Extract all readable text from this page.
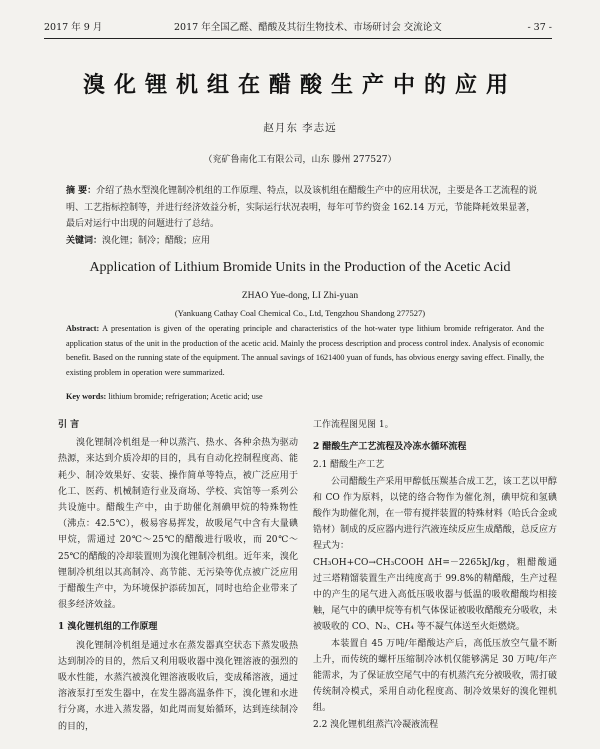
2017 年 9 月	2017 年全国乙醛、醋酸及其衍生物技术、市场研讨会 交流论文	- 37 -
溴化锂机组在醋酸生产中的应用
赵月东 李志远
（兖矿鲁南化工有限公司，山东 滕州 277527）
摘 要：介绍了热水型溴化锂制冷机组的工作原理、特点，以及该机组在醋酸生产中的应用状况，主要是各工艺流程的说明、工艺指标控制等，并进行经济效益分析，实际运行状况表明，每年可节约资金 162.14 万元，节能降耗效果显著，最后对运行中出现的问题进行了总结。
关键词：溴化锂；制冷；醋酸；应用
Application of Lithium Bromide Units in the Production of the Acetic Acid
ZHAO Yue-dong, LI Zhi-yuan
(Yankuang Cathay Coal Chemical Co., Ltd, Tengzhou Shandong 277527)
Abstract: A presentation is given of the operating principle and characteristics of the hot-water type lithium bromide refrigerator. And the application status of the unit in the production of the acetic acid. Mainly the process description and process control index. Analysis of economic benefit. Based on the running state of the equipment. The annual savings of 1621400 yuan of funds, has obvious energy saving effect. Finally, the existing problem in operation were summarized.
Key words: lithium bromide; refrigeration; Acetic acid; use

引 言

溴化锂制冷机组是一种以蒸汽、热水、各种余热为驱动热源，来达到介质冷却的目的，具有自动化控制程度高、能耗少、制冷效果好、安装、操作简单等特点，被广泛应用于化工、医药、机械制造行业及商场、学校、宾馆等一系列公共设施中。醋酸生产中，由于助催化剂碘甲烷的特殊物性（沸点：42.5℃），极易容易挥发，故吸尾气中含有大量碘甲烷，需通过 20℃～25℃的醋酸进行吸收，而 20℃～25℃的醋酸的冷却装置则为溴化锂制冷机组。近年来，溴化锂制冷机组以其高制冷、高节能、无污染等优点被广泛应用于醋酸生产中，为环境保护添砖加瓦，同时也给企业带来了很多经济效益。

1 溴化锂机组的工作原理

溴化锂制冷机组是通过水在蒸发器真空状态下蒸发吸热达到制冷的目的，然后又利用吸收器中溴化锂溶液的强烈的吸水性能，水蒸汽被溴化锂溶液吸收后，变成稀溶液，通过溶液泵打至发生器中，在发生器高温条件下，溴化锂和水进行分离，水进入蒸发器，如此周而复始循环，达到连续制冷的目的，

工作流程图见图 1。

2 醋酸生产工艺流程及冷冻水循环流程

2.1 醋酸生产工艺

公司醋酸生产采用甲醇低压羰基合成工艺，该工艺以甲醇和 CO 作为原料，以铑的络合物作为催化剂，碘甲烷和氢碘酸作为助催化剂，在一带有搅拌装置的特殊材料（哈氏合金或锆材）制成的反应器内进行汽液连续反应生成醋酸，总反应方程式为：

CH₃OH+CO→CH₃COOH ΔH=－2265kJ/kg，粗醋酸通过三塔精馏装置生产出纯度高于 99.8%的精醋酸，生产过程中的产生的尾气进入高低压吸收器与低温的吸收醋酸均相接触，尾气中的碘甲烷等有机气体保证被吸收醋酸充分吸收，未被吸收的 CO、N₂、CH₄ 等不凝气体送至火炬燃烧。

本装置自 45 万吨/年醋酸达产后，高低压放空气量不断上升，而传统的螺杆压缩制冷冰机仅能够满足 30 万吨/年产能需求，为了保证放空尾气中的有机蒸汽充分被吸收，需打破传统制冷模式，采用自动化程度高、制冷效果好的溴化锂机组。

2.2 溴化锂机组蒸汽冷凝液流程
